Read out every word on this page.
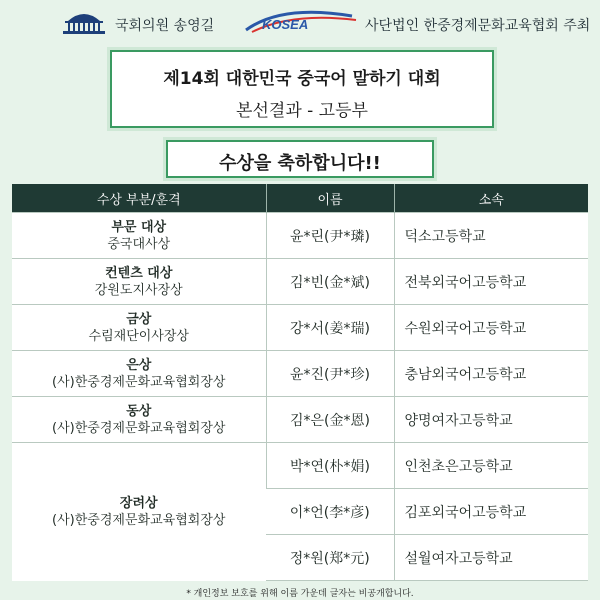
국회의원 송영길	KOSEA	사단법인 한중경제문화교육협회 주최
제14회 대한민국 중국어 말하기 대회
본선결과 - 고등부
수상을 축하합니다!!
수상 부분/훈격	이름	소속

부문 대상
중국대사상	윤*린(尹*璘)	덕소고등학교

컨텐츠 대상
강원도지사장상	김*빈(金*斌)	전북외국어고등학교

금상
수림재단이사장상	강*서(姜*瑞)	수원외국어고등학교

은상
(사)한중경제문화교육협회장상	윤*진(尹*珍)	충남외국어고등학교

동상
(사)한중경제문화교육협회장상	김*은(金*恩)	양명여자고등학교

장려상
(사)한중경제문화교육협회장상	박*연(朴*娟)	인천초은고등학교
	이*언(李*彦)	김포외국어고등학교
	정*원(郑*元)	설월여자고등학교
* 개인정보 보호를 위해 이름 가운데 글자는 비공개합니다.
